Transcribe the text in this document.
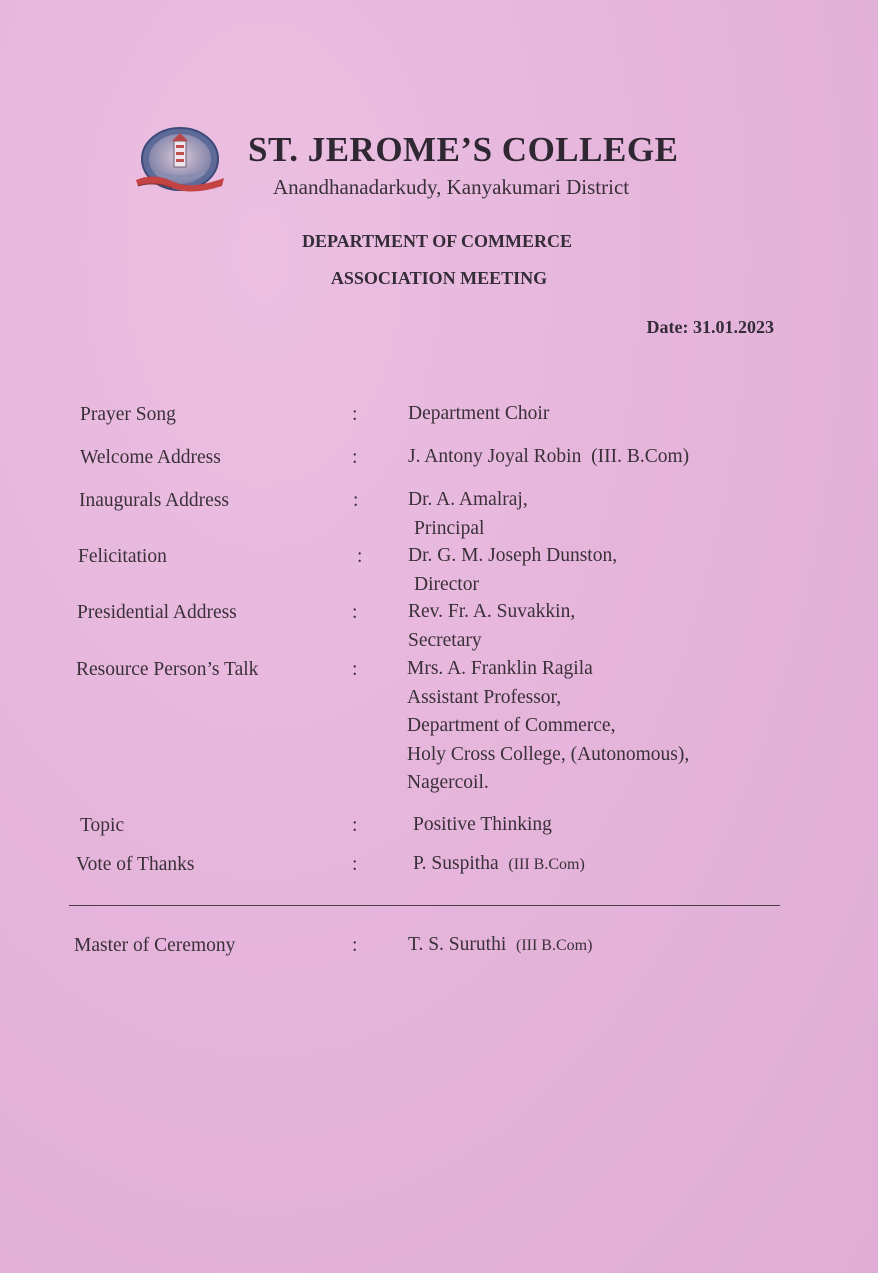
ST. JEROME’S COLLEGE
Anandhanadarkudy, Kanyakumari District
DEPARTMENT OF COMMERCE
ASSOCIATION MEETING
Date: 31.01.2023
Prayer Song	:	Department Choir
Welcome Address	:	J. Antony Joyal Robin  (III. B.Com)
Inaugurals Address	:	Dr. A. Amalraj,
Principal
Felicitation	: Dr. G. M. Joseph Dunston,
Director
Presidential Address	:	Rev. Fr. A. Suvakkin,
Secretary
Resource Person’s Talk	:	Mrs. A. Franklin Ragila
Assistant Professor,
Department of Commerce,
Holy Cross College, (Autonomous),
Nagercoil.
Topic	:	Positive Thinking
Vote of Thanks	:	P. Suspitha (III B.Com)
Master of Ceremony	:	T. S. Suruthi (III B.Com)
